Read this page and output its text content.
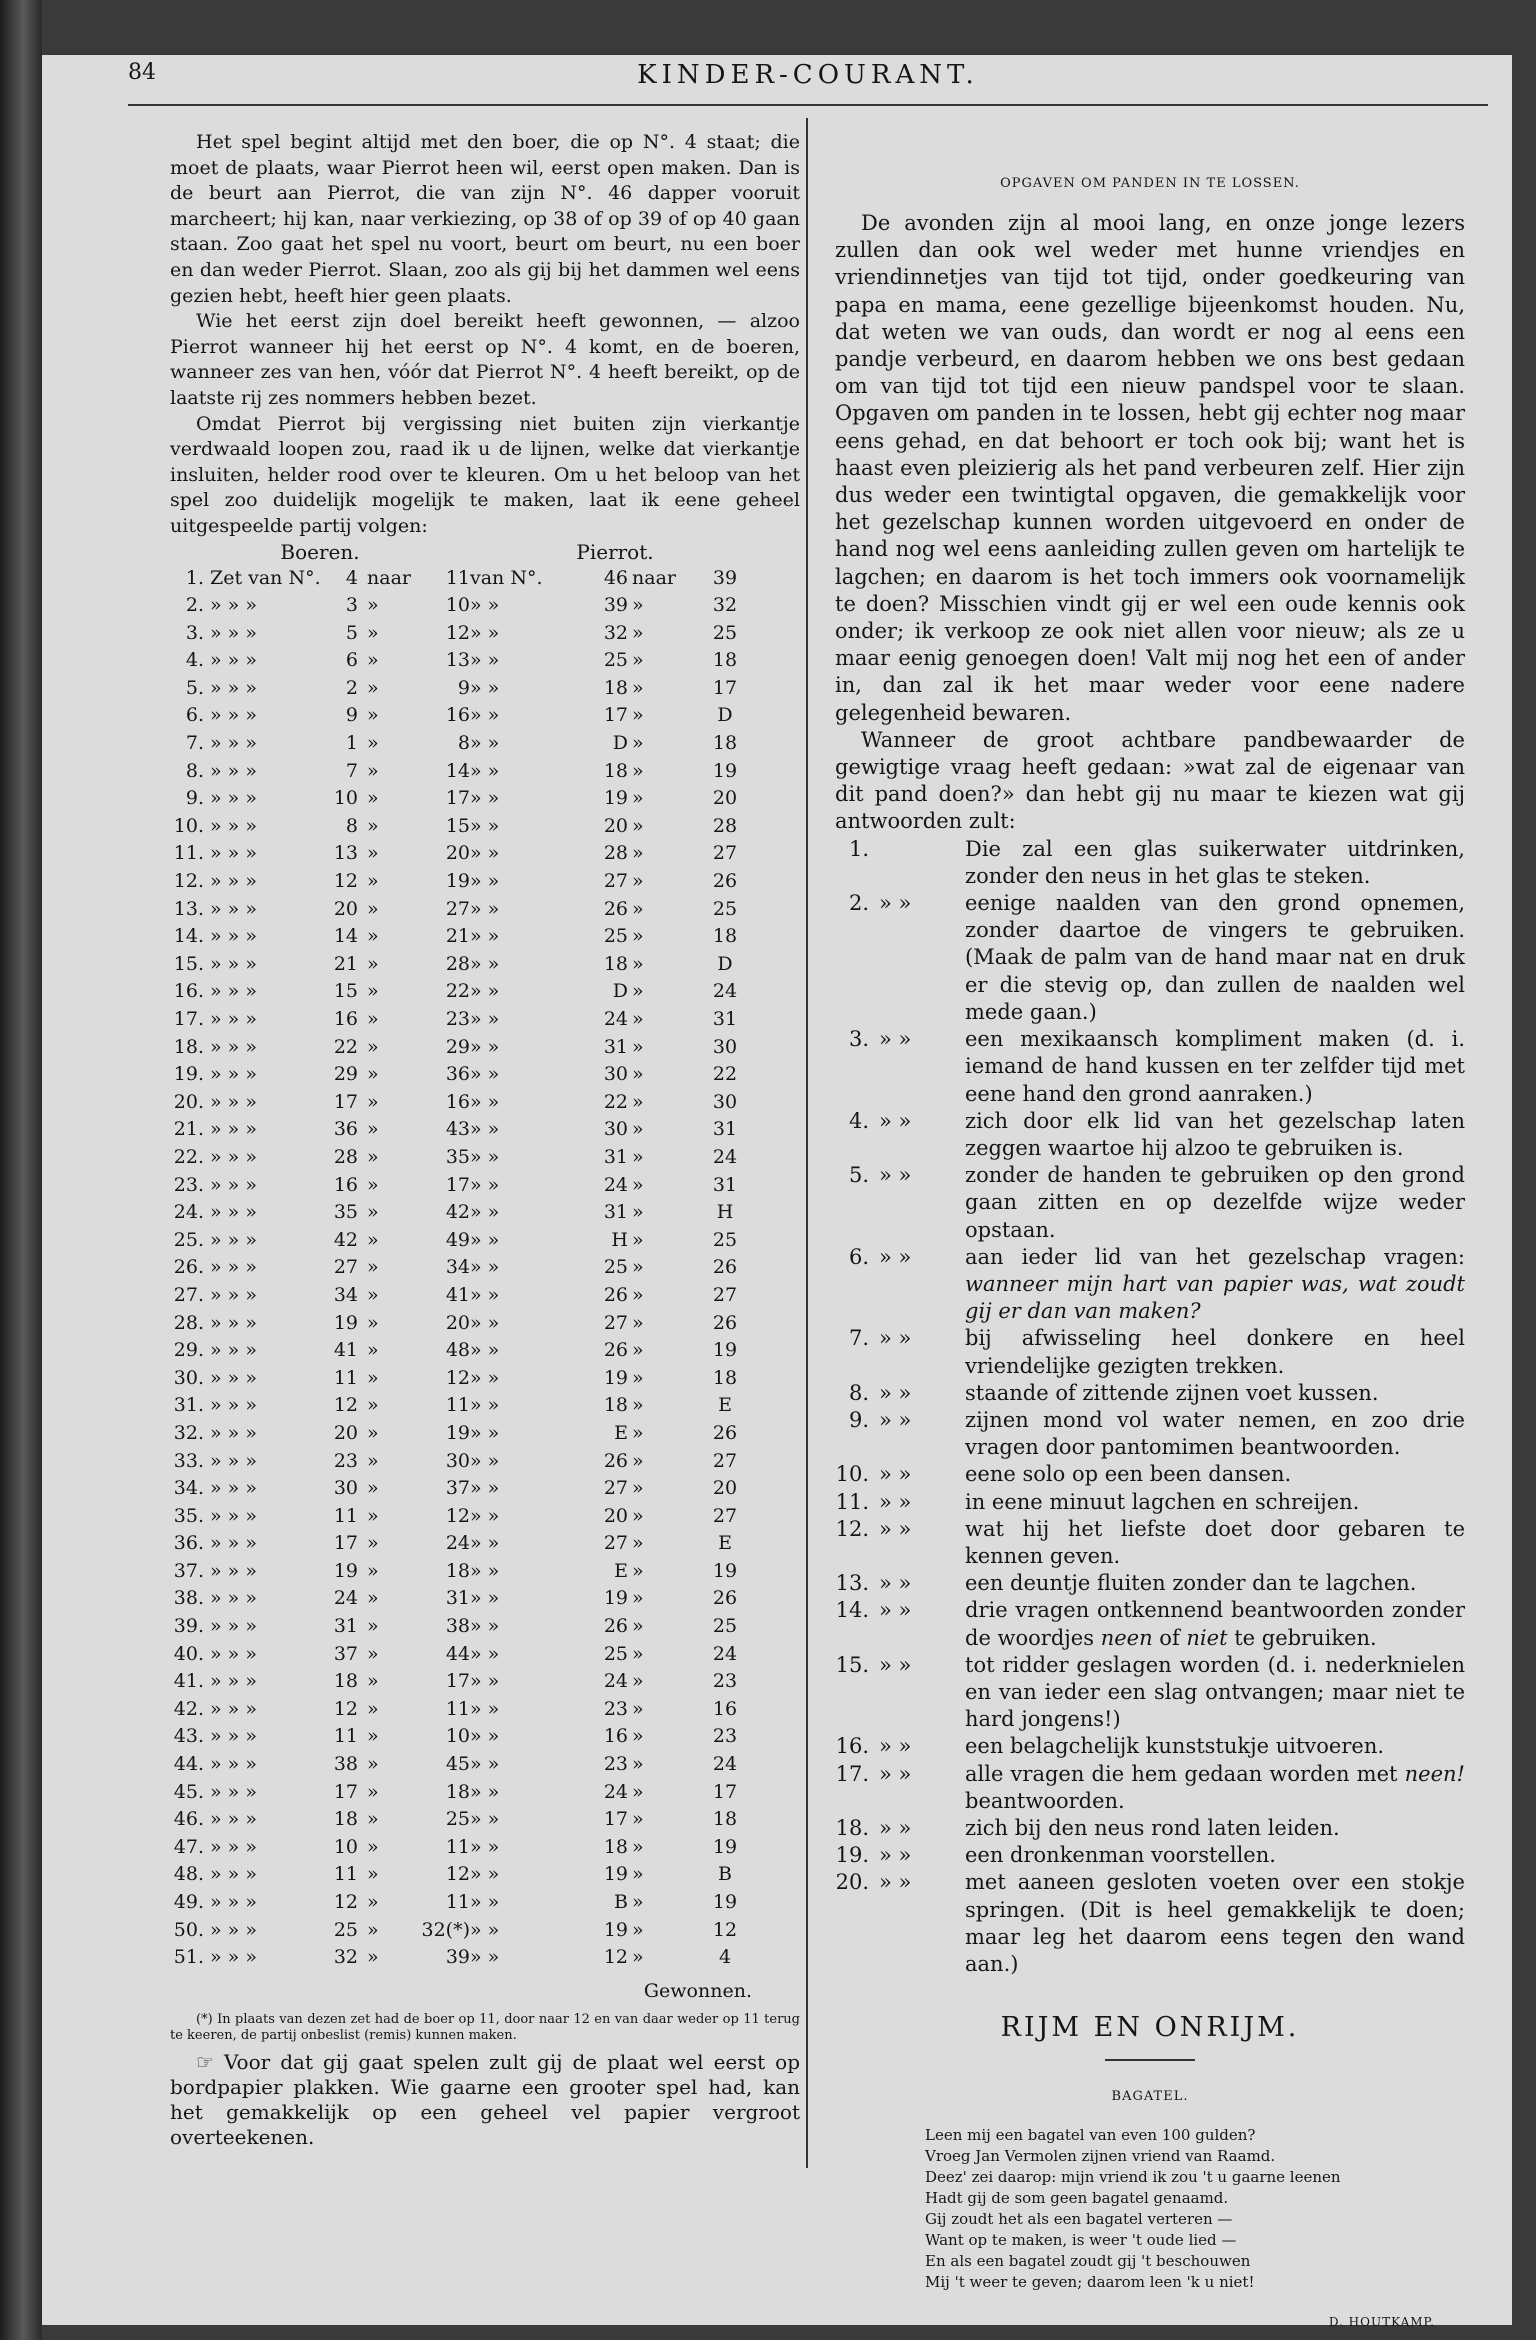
84	KINDER-COURANT.

Het spel begint altijd met den boer, die op N°. 4 staat; die moet de plaats, waar Pierrot heen wil, eerst open maken. Dan is de beurt aan Pierrot, die van zijn N°. 46 dapper vooruit marcheert; hij kan, naar verkiezing, op 38 of op 39 of op 40 gaan staan. Zoo gaat het spel nu voort, beurt om beurt, nu een boer en dan weder Pierrot. Slaan, zoo als gij bij het dammen wel eens gezien hebt, heeft hier geen plaats.

Wie het eerst zijn doel bereikt heeft gewonnen, — alzoo Pierrot wanneer hij het eerst op N°. 4 komt, en de boeren, wanneer zes van hen, vóór dat Pierrot N°. 4 heeft bereikt, op de laatste rij zes nommers hebben bezet.

Omdat Pierrot bij vergissing niet buiten zijn vierkantje verdwaald loopen zou, raad ik u de lijnen, welke dat vierkantje insluiten, helder rood over te kleuren. Om u het beloop van het spel zoo duidelijk mogelijk te maken, laat ik eene geheel uitgespeelde partij volgen:

Boeren.	Pierrot.
1. Zet van N°.	4 naar	11 van N°.	46 naar	39
2. » » »	3 »	10 » »	39 »	32
3. » » »	5 »	12 » »	32 »	25
4. » » »	6 »	13 » »	25 »	18
5. » » »	2 »	9 » »	18 »	17
6. » » »	9 »	16 » »	17 »	D
7. » » »	1 »	8 » »	D »	18
8. » » »	7 »	14 » »	18 »	19
9. » » »	10 »	17 » »	19 »	20
10. » » »	8 »	15 » »	20 »	28
11. » » »	13 »	20 » »	28 »	27
12. » » »	12 »	19 » »	27 »	26
13. » » »	20 »	27 » »	26 »	25
14. » » »	14 »	21 » »	25 »	18
15. » » »	21 »	28 » »	18 »	D
16. » » »	15 »	22 » »	D »	24
17. » » »	16 »	23 » »	24 »	31
18. » » »	22 »	29 » »	31 »	30
19. » » »	29 »	36 » »	30 »	22
20. » » »	17 »	16 » »	22 »	30
21. » » »	36 »	43 » »	30 »	31
22. » » »	28 »	35 » »	31 »	24
23. » » »	16 »	17 » »	24 »	31
24. » » »	35 »	42 » »	31 »	H
25. » » »	42 »	49 » »	H »	25
26. » » »	27 »	34 » »	25 »	26
27. » » »	34 »	41 » »	26 »	27
28. » » »	19 »	20 » »	27 »	26
29. » » »	41 »	48 » »	26 »	19
30. » » »	11 »	12 » »	19 »	18
31. » » »	12 »	11 » »	18 »	E
32. » » »	20 »	19 » »	E »	26
33. » » »	23 »	30 » »	26 »	27
34. » » »	30 »	37 » »	27 »	20
35. » » »	11 »	12 » »	20 »	27
36. » » »	17 »	24 » »	27 »	E
37. » » »	19 »	18 » »	E »	19
38. » » »	24 »	31 » »	19 »	26
39. » » »	31 »	38 » »	26 »	25
40. » » »	37 »	44 » »	25 »	24
41. » » »	18 »	17 » »	24 »	23
42. » » »	12 »	11 » »	23 »	16
43. » » »	11 »	10 » »	16 »	23
44. » » »	38 »	45 » »	23 »	24
45. » » »	17 »	18 » »	24 »	17
46. » » »	18 »	25 » »	17 »	18
47. » » »	10 »	11 » »	18 »	19
48. » » »	11 »	12 » »	19 »	B
49. » » »	12 »	11 » »	B »	19
50. » » »	25 »	32(*) » »	19 »	12
51. » » »	32 »	39 » »	12 »	4
Gewonnen.

(*) In plaats van dezen zet had de boer op 11, door naar 12 en van daar weder op 11 terug te keeren, de partij onbeslist (remis) kunnen maken.

☞ Voor dat gij gaat spelen zult gij de plaat wel eerst op bordpapier plakken. Wie gaarne een grooter spel had, kan het gemakkelijk op een geheel vel papier vergroot overteekenen.

OPGAVEN OM PANDEN IN TE LOSSEN.

De avonden zijn al mooi lang, en onze jonge lezers zullen dan ook wel weder met hunne vriendjes en vriendinnetjes van tijd tot tijd, onder goedkeuring van papa en mama, eene gezellige bijeenkomst houden. Nu, dat weten we van ouds, dan wordt er nog al eens een pandje verbeurd, en daarom hebben we ons best gedaan om van tijd tot tijd een nieuw pandspel voor te slaan. Opgaven om panden in te lossen, hebt gij echter nog maar eens gehad, en dat behoort er toch ook bij; want het is haast even pleizierig als het pand verbeuren zelf. Hier zijn dus weder een twintigtal opgaven, die gemakkelijk voor het gezelschap kunnen worden uitgevoerd en onder de hand nog wel eens aanleiding zullen geven om hartelijk te lagchen; en daarom is het toch immers ook voornamelijk te doen? Misschien vindt gij er wel een oude kennis ook onder; ik verkoop ze ook niet allen voor nieuw; als ze u maar eenig genoegen doen! Valt mij nog het een of ander in, dan zal ik het maar weder voor eene nadere gelegenheid bewaren.

Wanneer de groot achtbare pandbewaarder de gewigtige vraag heeft gedaan: »wat zal de eigenaar van dit pand doen?» dan hebt gij nu maar te kiezen wat gij antwoorden zult:

1.	Die zal een glas suikerwater uitdrinken, zonder den neus in het glas te steken.
2. » »	eenige naalden van den grond opnemen, zonder daartoe de vingers te gebruiken. (Maak de palm van de hand maar nat en druk er die stevig op, dan zullen de naalden wel mede gaan.)
3. » »	een mexikaansch kompliment maken (d. i. iemand de hand kussen en ter zelfder tijd met eene hand den grond aanraken.)
4. » »	zich door elk lid van het gezelschap laten zeggen waartoe hij alzoo te gebruiken is.
5. » »	zonder de handen te gebruiken op den grond gaan zitten en op dezelfde wijze weder opstaan.
6. » »	aan ieder lid van het gezelschap vragen: wanneer mijn hart van papier was, wat zoudt gij er dan van maken?
7. » »	bij afwisseling heel donkere en heel vriendelijke gezigten trekken.
8. » »	staande of zittende zijnen voet kussen.
9. » »	zijnen mond vol water nemen, en zoo drie vragen door pantomimen beantwoorden.
10. » »	eene solo op een been dansen.
11. » »	in eene minuut lagchen en schreijen.
12. » »	wat hij het liefste doet door gebaren te kennen geven.
13. » »	een deuntje fluiten zonder dan te lagchen.
14. » »	drie vragen ontkennend beantwoorden zonder de woordjes neen of niet te gebruiken.
15. » »	tot ridder geslagen worden (d. i. nederknielen en van ieder een slag ontvangen; maar niet te hard jongens!)
16. » »	een belagchelijk kunststukje uitvoeren.
17. » »	alle vragen die hem gedaan worden met neen! beantwoorden.
18. » »	zich bij den neus rond laten leiden.
19. » »	een dronkenman voorstellen.
20. » »	met aaneen gesloten voeten over een stokje springen. (Dit is heel gemakkelijk te doen; maar leg het daarom eens tegen den wand aan.)
RIJM EN ONRIJM.
BAGATEL.
Leen mij een bagatel van even 100 gulden?
Vroeg Jan Vermolen zijnen vriend van Raamd.
Deez' zei daarop: mijn vriend ik zou 't u gaarne leenen
Hadt gij de som geen bagatel genaamd.
Gij zoudt het als een bagatel verteren —
Want op te maken, is weer 't oude lied —
En als een bagatel zoudt gij 't beschouwen
Mij 't weer te geven; daarom leen 'k u niet!
D. HOUTKAMP.
